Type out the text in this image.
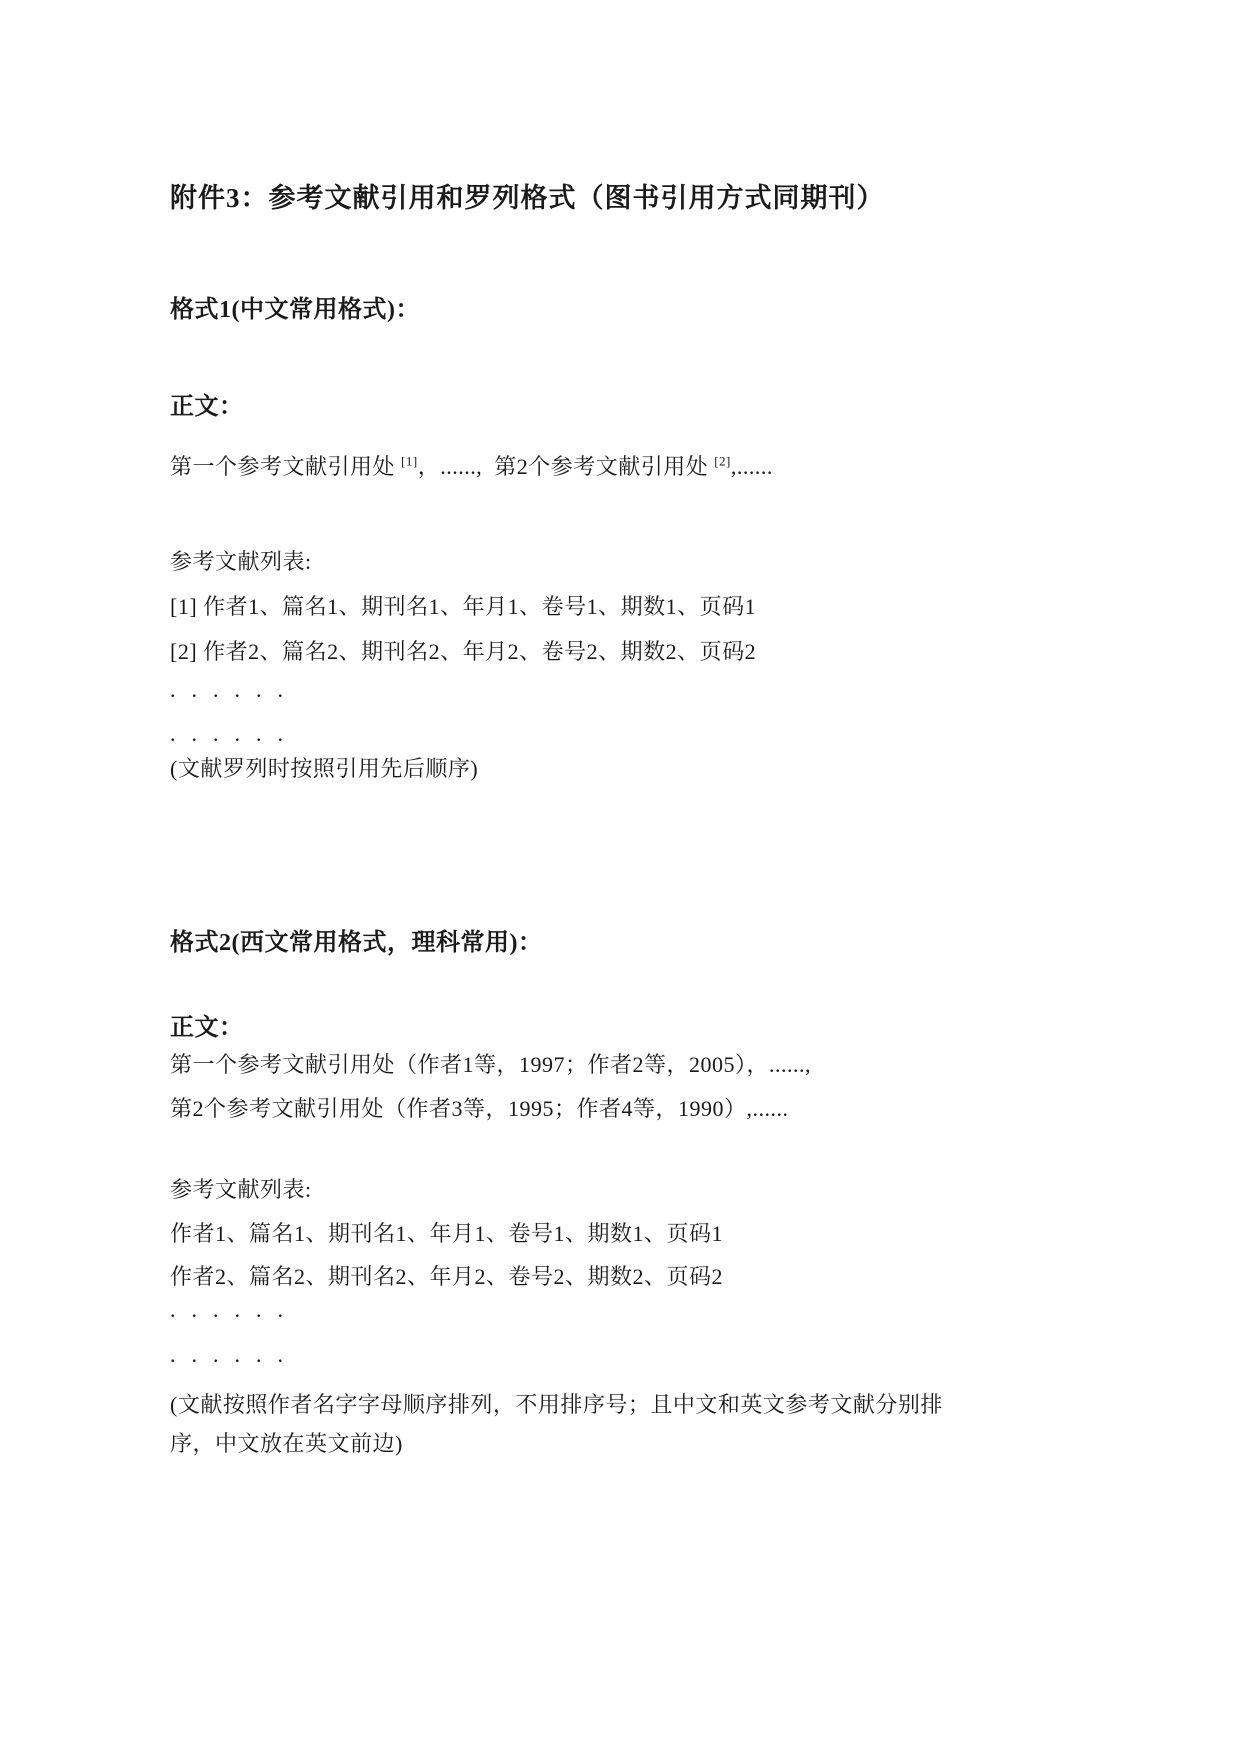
附件3：参考文献引用和罗列格式（图书引用方式同期刊）
格式1(中文常用格式)：
正文：
第一个参考文献引用处 [1]，......,  第2个参考文献引用处 [2],......
参考文献列表:
[1] 作者1、篇名1、期刊名1、年月1、卷号1、期数1、页码1
[2] 作者2、篇名2、期刊名2、年月2、卷号2、期数2、页码2
......
......
(文献罗列时按照引用先后顺序)
格式2(西文常用格式，理科常用)：
正文：
第一个参考文献引用处（作者1等，1997；作者2等，2005），......,
第2个参考文献引用处（作者3等，1995；作者4等，1990）,......
参考文献列表:
作者1、篇名1、期刊名1、年月1、卷号1、期数1、页码1
作者2、篇名2、期刊名2、年月2、卷号2、期数2、页码2
......
......
(文献按照作者名字字母顺序排列，不用排序号；且中文和英文参考文献分别排
序，中文放在英文前边)
